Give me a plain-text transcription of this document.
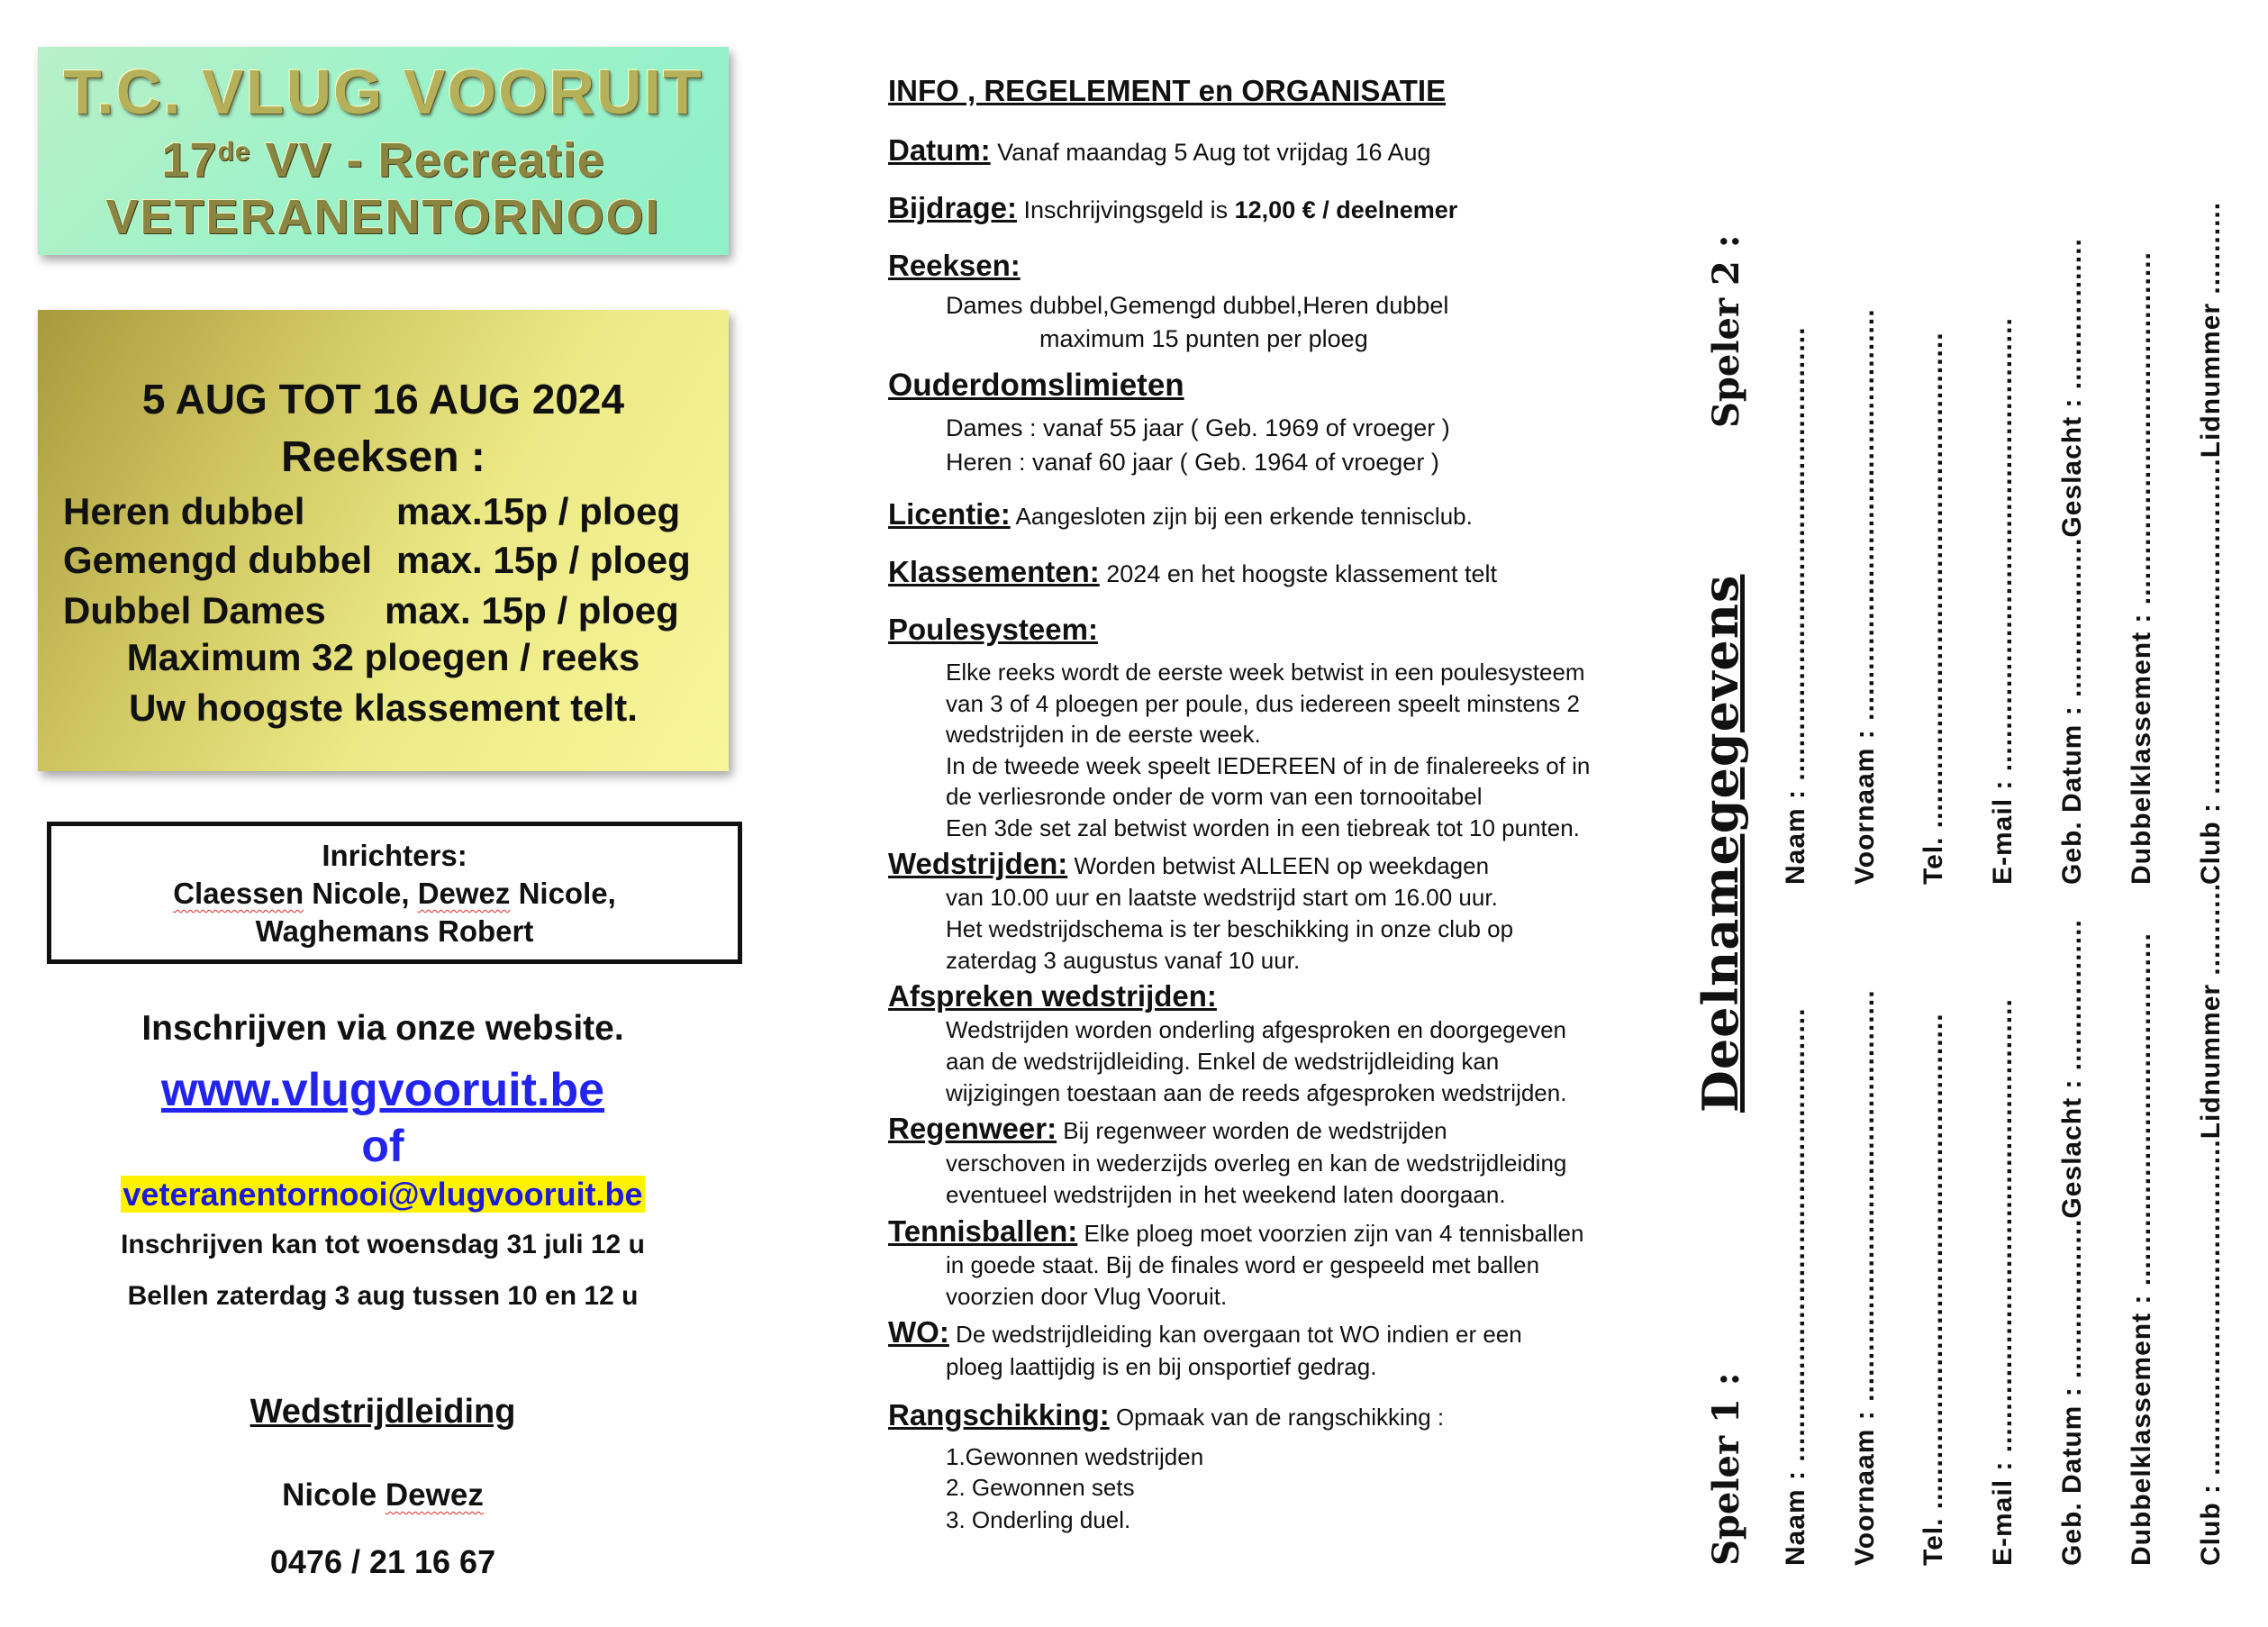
T.C. VLUG VOORUIT
17de VV - Recreatie
VETERANENTORNOOI
5 AUG TOT 16 AUG 2024
Reeksen :
Heren dubbel max.15p / ploeg
Gemengd dubbel max. 15p / ploeg
Dubbel Dames max. 15p / ploeg
Maximum 32 ploegen / reeks
Uw hoogste klassement telt.
Inrichters:
Claessen Nicole, Dewez Nicole,
Waghemans Robert
Inschrijven via onze website.
www.vlugvooruit.be
of
veteranentornooi@vlugvooruit.be
Inschrijven kan tot woensdag 31 juli 12 u
Bellen zaterdag 3 aug tussen 10 en 12 u
Wedstrijdleiding
Nicole Dewez
0476 / 21 16 67
INFO , REGELEMENT en ORGANISATIE
Datum: Vanaf maandag 5 Aug tot vrijdag 16 Aug
Bijdrage: Inschrijvingsgeld is 12,00 € / deelnemer
Reeksen:
Dames dubbel,Gemengd dubbel,Heren dubbel
maximum 15 punten per ploeg
Ouderdomslimieten
Dames : vanaf 55 jaar ( Geb. 1969 of vroeger )
Heren : vanaf 60 jaar ( Geb. 1964 of vroeger )
Licentie: Aangesloten zijn bij een erkende tennisclub.
Klassementen: 2024 en het hoogste klassement telt
Poulesysteem:
Elke reeks wordt de eerste week betwist in een poulesysteem
van 3 of 4 ploegen per poule, dus iedereen speelt minstens 2
wedstrijden in de eerste week.
In de tweede week speelt IEDEREEN of in de finalereeks of in
de verliesronde onder de vorm van een tornooitabel
Een 3de set zal betwist worden in een tiebreak tot 10 punten.
Wedstrijden: Worden betwist ALLEEN op weekdagen
van 10.00 uur en laatste wedstrijd start om 16.00 uur.
Het wedstrijdschema is ter beschikking in onze club op
zaterdag 3 augustus vanaf 10 uur.
Afspreken wedstrijden:
Wedstrijden worden onderling afgesproken en doorgegeven
aan de wedstrijdleiding. Enkel de wedstrijdleiding kan
wijzigingen toestaan aan de reeds afgesproken wedstrijden.
Regenweer: Bij regenweer worden de wedstrijden
verschoven in wederzijds overleg en kan de wedstrijdleiding
eventueel wedstrijden in het weekend laten doorgaan.
Tennisballen: Elke ploeg moet voorzien zijn van 4 tennisballen
in goede staat. Bij de finales word er gespeeld met ballen
voorzien door Vlug Vooruit.
WO: De wedstrijdleiding kan overgaan tot WO indien er een
ploeg laattijdig is en bij onsportief gedrag.
Rangschikking: Opmaak van de rangschikking :
1.Gewonnen wedstrijden
2. Gewonnen sets
3. Onderling duel.
Deelnamegegevens
Speler 2 :
Speler 1 :
Naam : ...................................................... Voornaam : ................................................. Tel. ........................................................... E-mail : ...................................................... Geb. Datum : ...................Geslacht : .................. Dubbelklassement : .......................................... Club : ........................................Lidnummer ...........
Naam : ...................................................... Voornaam : ................................................. Tel. ........................................................... E-mail : ...................................................... Geb. Datum : ...................Geslacht : .................. Dubbelklassement : .......................................... Club : ........................................Lidnummer ...........
